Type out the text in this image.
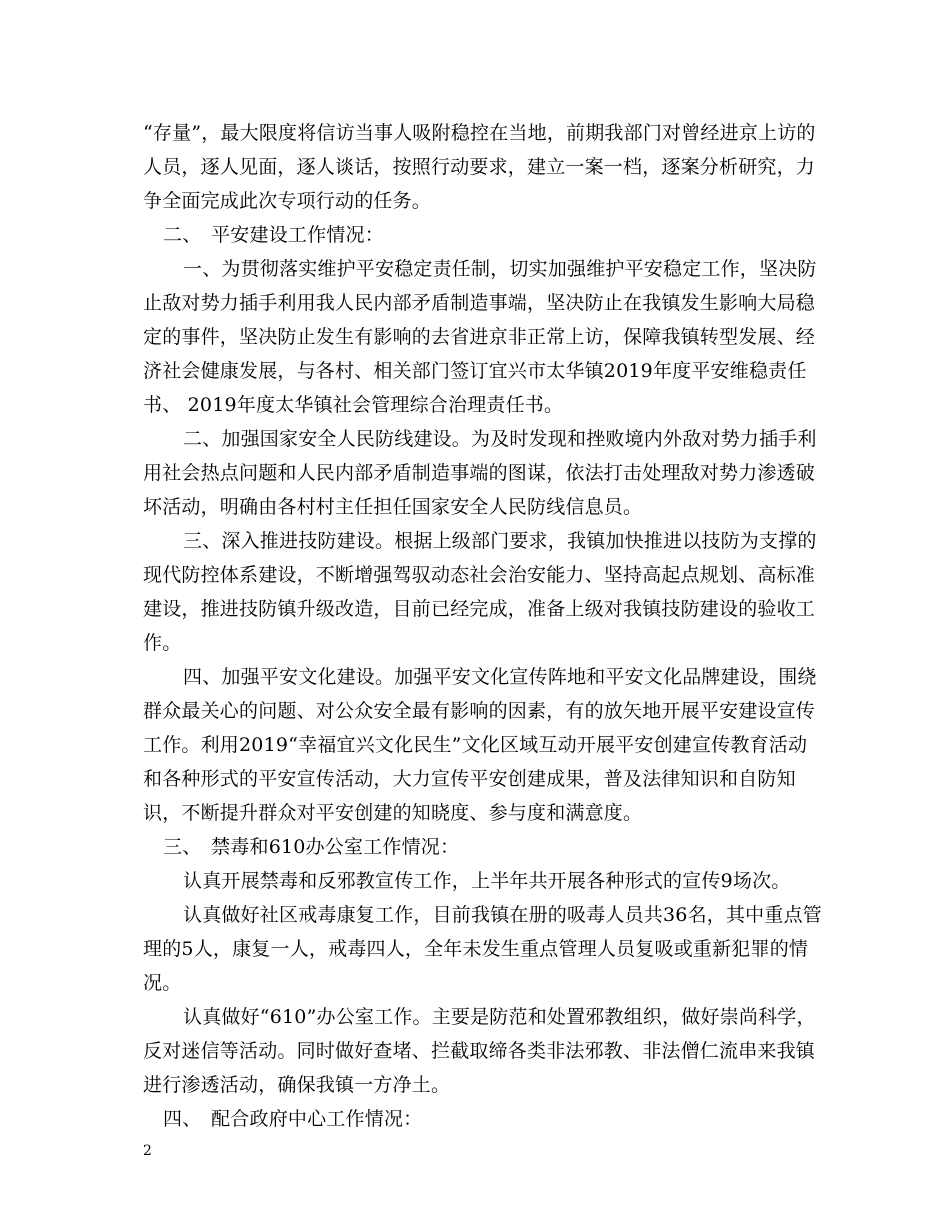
“存量”，最大限度将信访当事人吸附稳控在当地，前期我部门对曾经进京上访的人员，逐人见面，逐人谈话，按照行动要求，建立一案一档，逐案分析研究，力争全面完成此次专项行动的任务。

二、　平安建设工作情况：

一、为贯彻落实维护平安稳定责任制，切实加强维护平安稳定工作，坚决防止敌对势力插手利用我人民内部矛盾制造事端，坚决防止在我镇发生影响大局稳定的事件，坚决防止发生有影响的去省进京非正常上访，保障我镇转型发展、经济社会健康发展，与各村、相关部门签订宜兴市太华镇2019年度平安维稳责任书、 2019年度太华镇社会管理综合治理责任书。

二、加强国家安全人民防线建设。为及时发现和挫败境内外敌对势力插手利用社会热点问题和人民内部矛盾制造事端的图谋，依法打击处理敌对势力渗透破坏活动，明确由各村村主任担任国家安全人民防线信息员。

三、深入推进技防建设。根据上级部门要求，我镇加快推进以技防为支撑的现代防控体系建设，不断增强驾驭动态社会治安能力、坚持高起点规划、高标准建设，推进技防镇升级改造，目前已经完成，准备上级对我镇技防建设的验收工作。

四、加强平安文化建设。加强平安文化宣传阵地和平安文化品牌建设，围绕群众最关心的问题、对公众安全最有影响的因素，有的放矢地开展平安建设宣传工作。利用2019“幸福宜兴文化民生”文化区域互动开展平安创建宣传教育活动和各种形式的平安宣传活动，大力宣传平安创建成果，普及法律知识和自防知识，不断提升群众对平安创建的知晓度、参与度和满意度。

三、　禁毒和610办公室工作情况：

认真开展禁毒和反邪教宣传工作，上半年共开展各种形式的宣传9场次。

认真做好社区戒毒康复工作，目前我镇在册的吸毒人员共36名，其中重点管理的5人，康复一人，戒毒四人，全年未发生重点管理人员复吸或重新犯罪的情况。

认真做好“610”办公室工作。主要是防范和处置邪教组织，做好崇尚科学，反对迷信等活动。同时做好查堵、拦截取缔各类非法邪教、非法僧仁流串来我镇进行渗透活动，确保我镇一方净土。

四、　配合政府中心工作情况：

2
